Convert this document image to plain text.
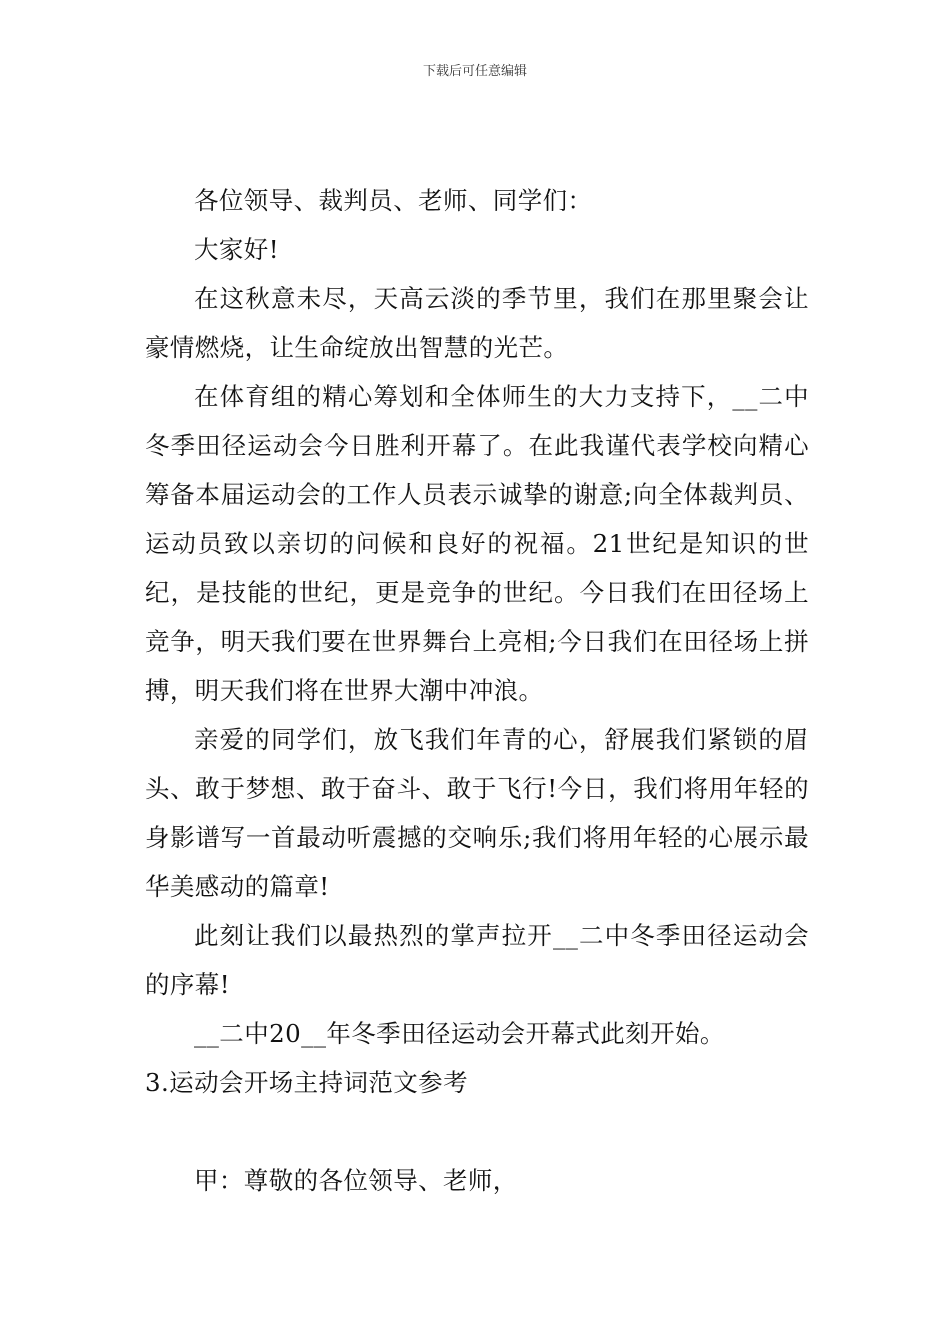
下载后可任意编辑

各位领导、裁判员、老师、同学们：

大家好!

在这秋意未尽，天高云淡的季节里，我们在那里聚会让豪情燃烧，让生命绽放出智慧的光芒。

在体育组的精心筹划和全体师生的大力支持下，__二中冬季田径运动会今日胜利开幕了。在此我谨代表学校向精心筹备本届运动会的工作人员表示诚挚的谢意;向全体裁判员、运动员致以亲切的问候和良好的祝福。21世纪是知识的世纪，是技能的世纪，更是竞争的世纪。今日我们在田径场上竞争，明天我们要在世界舞台上亮相;今日我们在田径场上拼搏，明天我们将在世界大潮中冲浪。

亲爱的同学们，放飞我们年青的心，舒展我们紧锁的眉头、敢于梦想、敢于奋斗、敢于飞行!今日，我们将用年轻的身影谱写一首最动听震撼的交响乐;我们将用年轻的心展示最华美感动的篇章!

此刻让我们以最热烈的掌声拉开__二中冬季田径运动会的序幕!

__二中20__年冬季田径运动会开幕式此刻开始。

3.运动会开场主持词范文参考

甲：尊敬的各位领导、老师，
